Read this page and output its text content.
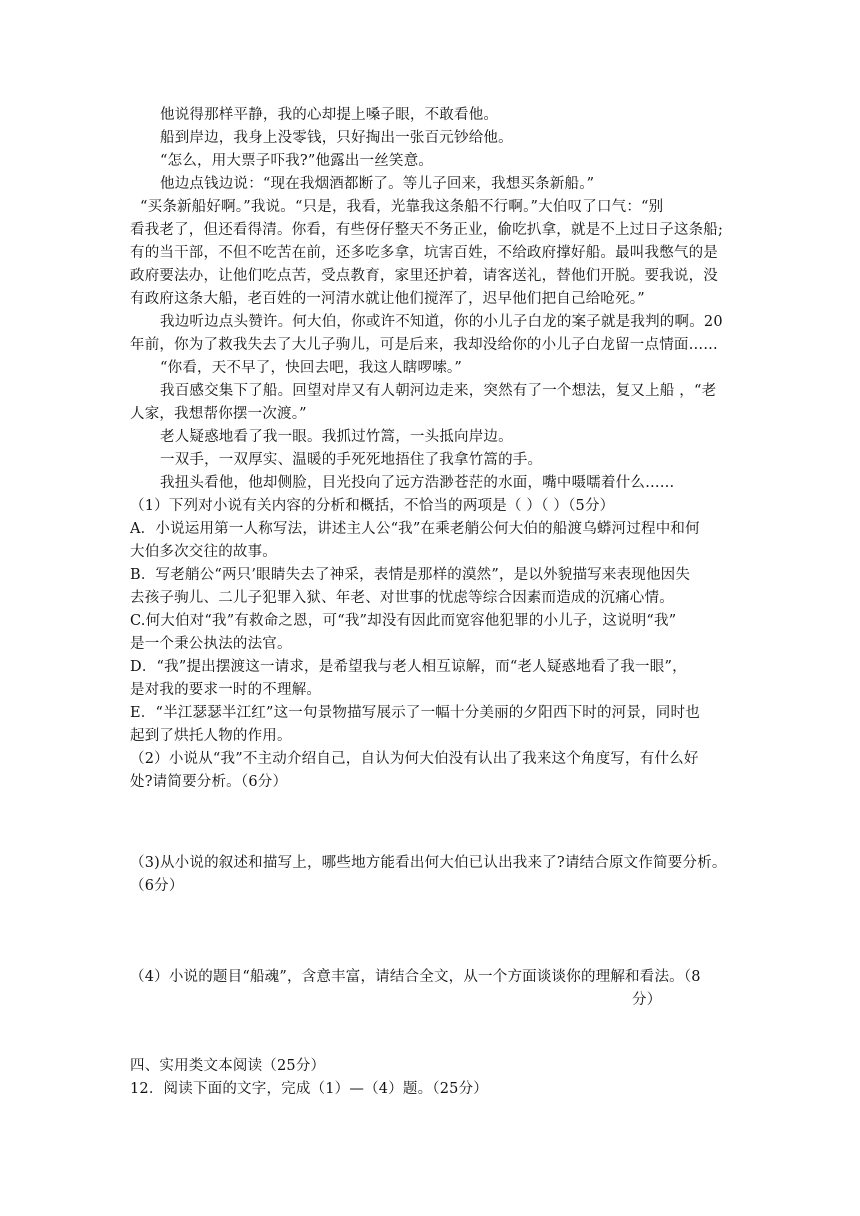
他说得那样平静，我的心却提上嗓子眼，不敢看他。
船到岸边，我身上没零钱，只好掏出一张百元钞给他。
“怎么，用大票子吓我?”他露出一丝笑意。
他边点钱边说：“现在我烟酒都断了。等儿子回来，我想买条新船。”
“买条新船好啊。”我说。“只是，我看，光靠我这条船不行啊。”大伯叹了口气：“别
看我老了，但还看得清。你看，有些伢仔整天不务正业，偷吃扒拿，就是不上过日子这条船;
有的当干部，不但不吃苦在前，还多吃多拿，坑害百姓，不给政府撑好船。最叫我憋气的是
政府要法办，让他们吃点苦，受点教育，家里还护着，请客送礼，替他们开脱。要我说，没
有政府这条大船，老百姓的一河清水就让他们搅浑了，迟早他们把自己给呛死。”
我边听边点头赞许。何大伯，你或许不知道，你的小儿子白龙的案子就是我判的啊。20
年前，你为了救我失去了大儿子驹儿，可是后来，我却没给你的小儿子白龙留一点情面……
“你看，天不早了，快回去吧，我这人瞎啰嗦。”
我百感交集下了船。回望对岸又有人朝河边走来，突然有了一个想法，复又上船 ，“老
人家，我想帮你摆一次渡。”
老人疑惑地看了我一眼。我抓过竹篙，一头抵向岸边。
一双手，一双厚实、温暖的手死死地捂住了我拿竹篙的手。
我扭头看他，他却侧脸，目光投向了远方浩渺苍茫的水面，嘴中嗫嚅着什么……
（1）下列对小说有关内容的分析和概括，不恰当的两项是（ ）（ ）（5分）
A．小说运用第一人称写法，讲述主人公“我”在乘老艄公何大伯的船渡乌蟒河过程中和何
大伯多次交往的故事。
B．写老艄公“两只’眼睛失去了神采，表情是那样的漠然”，是以外貌描写来表现他因失
去孩子驹儿、二儿子犯罪入狱、年老、对世事的忧虑等综合因素而造成的沉痛心情。
C.何大伯对“我”有救命之恩，可“我”却没有因此而宽容他犯罪的小儿子，这说明“我”
是一个秉公执法的法官。
D．“我”提出摆渡这一请求，是希望我与老人相互谅解，而“老人疑惑地看了我一眼”，
是对我的要求一时的不理解。
E．“半江瑟瑟半江红”这一句景物描写展示了一幅十分美丽的夕阳西下时的河景，同时也
起到了烘托人物的作用。
（2）小说从“我”不主动介绍自己，自认为何大伯没有认出了我来这个角度写，有什么好
处?请简要分析。（6分）
（3)从小说的叙述和描写上，哪些地方能看出何大伯已认出我来了?请结合原文作简要分析。
（6分）
（4）小说的题目“船魂”，含意丰富，请结合全文，从一个方面谈谈你的理解和看法。（8
分）
四、实用类文本阅读（25分）
12．阅读下面的文字，完成（1）—（4）题。（25分）
